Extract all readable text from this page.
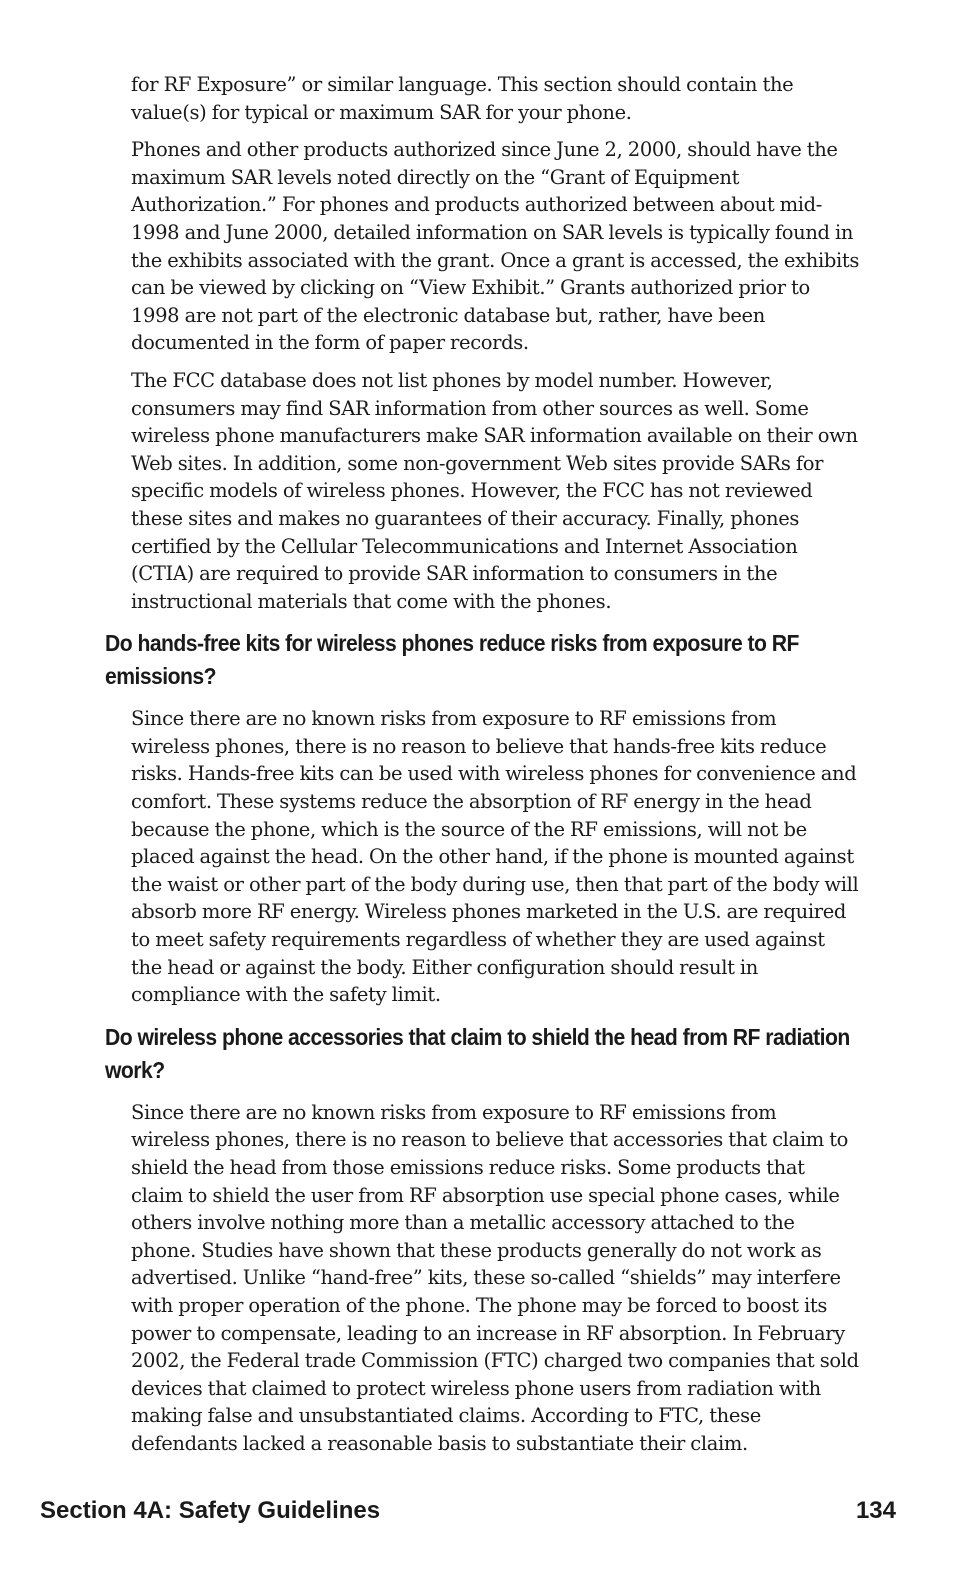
for RF Exposure” or similar language. This section should contain the value(s) for typical or maximum SAR for your phone.

Phones and other products authorized since June 2, 2000, should have the maximum SAR levels noted directly on the “Grant of Equipment Authorization.” For phones and products authorized between about mid-1998 and June 2000, detailed information on SAR levels is typically found in the exhibits associated with the grant. Once a grant is accessed, the exhibits can be viewed by clicking on “View Exhibit.” Grants authorized prior to 1998 are not part of the electronic database but, rather, have been documented in the form of paper records.

The FCC database does not list phones by model number. However, consumers may find SAR information from other sources as well. Some wireless phone manufacturers make SAR information available on their own Web sites. In addition, some non-government Web sites provide SARs for specific models of wireless phones. However, the FCC has not reviewed these sites and makes no guarantees of their accuracy. Finally, phones certified by the Cellular Telecommunications and Internet Association (CTIA) are required to provide SAR information to consumers in the instructional materials that come with the phones.

Do hands-free kits for wireless phones reduce risks from exposure to RF emissions?

Since there are no known risks from exposure to RF emissions from wireless phones, there is no reason to believe that hands-free kits reduce risks. Hands-free kits can be used with wireless phones for convenience and comfort. These systems reduce the absorption of RF energy in the head because the phone, which is the source of the RF emissions, will not be placed against the head. On the other hand, if the phone is mounted against the waist or other part of the body during use, then that part of the body will absorb more RF energy. Wireless phones marketed in the U.S. are required to meet safety requirements regardless of whether they are used against the head or against the body. Either configuration should result in compliance with the safety limit.

Do wireless phone accessories that claim to shield the head from RF radiation work?

Since there are no known risks from exposure to RF emissions from wireless phones, there is no reason to believe that accessories that claim to shield the head from those emissions reduce risks. Some products that claim to shield the user from RF absorption use special phone cases, while others involve nothing more than a metallic accessory attached to the phone. Studies have shown that these products generally do not work as advertised. Unlike “hand-free” kits, these so-called “shields” may interfere with proper operation of the phone. The phone may be forced to boost its power to compensate, leading to an increase in RF absorption. In February 2002, the Federal trade Commission (FTC) charged two companies that sold devices that claimed to protect wireless phone users from radiation with making false and unsubstantiated claims. According to FTC, these defendants lacked a reasonable basis to substantiate their claim.

Section 4A: Safety Guidelines	134
